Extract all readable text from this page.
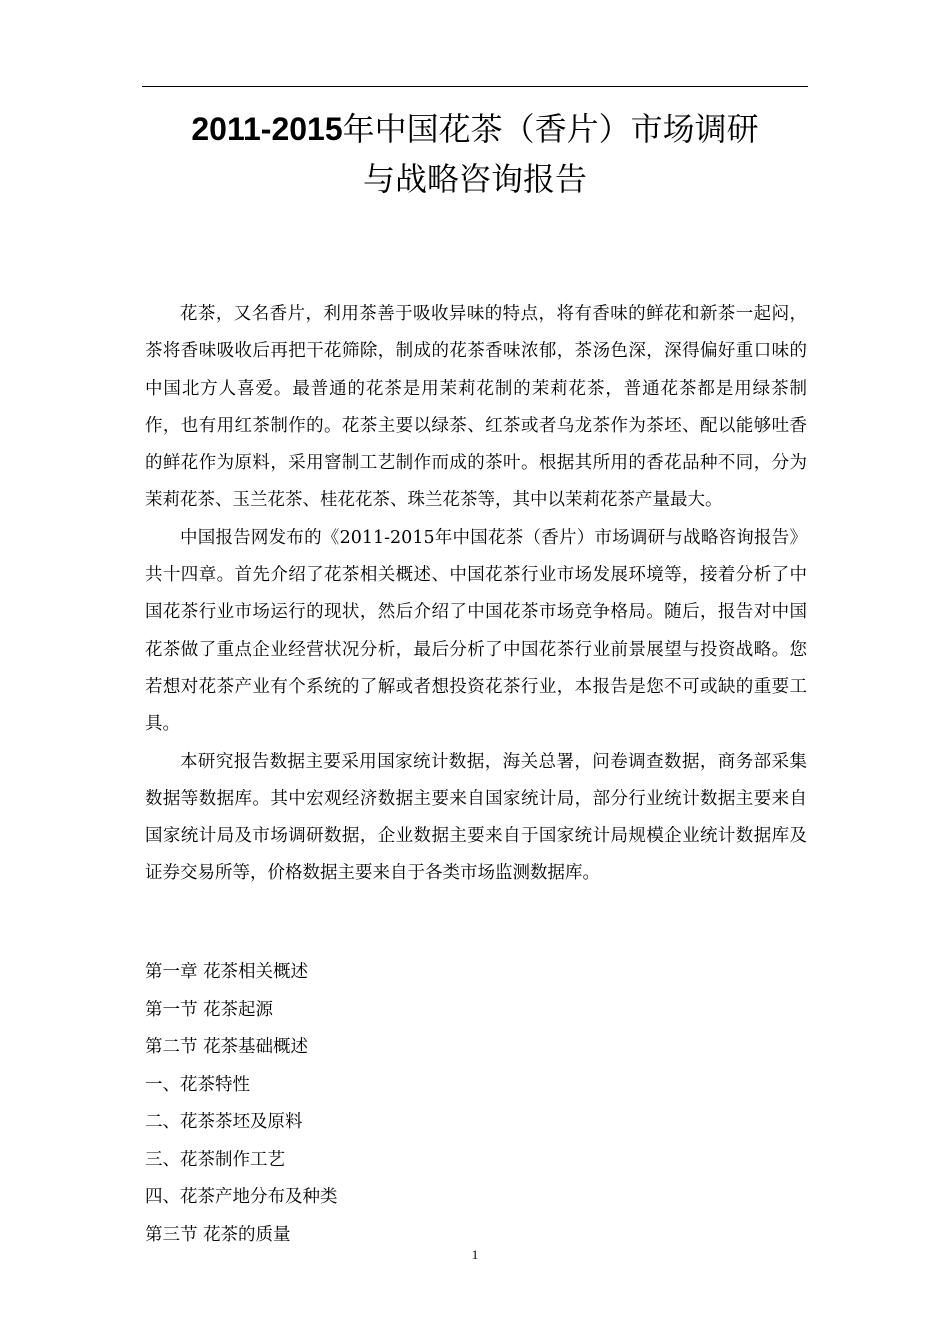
2011-2015年中国花茶（香片）市场调研
与战略咨询报告

花茶，又名香片，利用茶善于吸收异味的特点，将有香味的鲜花和新茶一起闷，茶将香味吸收后再把干花筛除，制成的花茶香味浓郁，茶汤色深，深得偏好重口味的中国北方人喜爱。最普通的花茶是用茉莉花制的茉莉花茶，普通花茶都是用绿茶制作，也有用红茶制作的。花茶主要以绿茶、红茶或者乌龙茶作为茶坯、配以能够吐香的鲜花作为原料，采用窨制工艺制作而成的茶叶。根据其所用的香花品种不同，分为茉莉花茶、玉兰花茶、桂花花茶、珠兰花茶等，其中以茉莉花茶产量最大。

中国报告网发布的《2011-2015年中国花茶（香片）市场调研与战略咨询报告》共十四章。首先介绍了花茶相关概述、中国花茶行业市场发展环境等，接着分析了中国花茶行业市场运行的现状，然后介绍了中国花茶市场竞争格局。随后，报告对中国花茶做了重点企业经营状况分析，最后分析了中国花茶行业前景展望与投资战略。您若想对花茶产业有个系统的了解或者想投资花茶行业，本报告是您不可或缺的重要工具。

本研究报告数据主要采用国家统计数据，海关总署，问卷调查数据，商务部采集数据等数据库。其中宏观经济数据主要来自国家统计局，部分行业统计数据主要来自国家统计局及市场调研数据，企业数据主要来自于国家统计局规模企业统计数据库及证券交易所等，价格数据主要来自于各类市场监测数据库。

第一章 花茶相关概述
第一节 花茶起源
第二节 花茶基础概述
一、花茶特性
二、花茶茶坯及原料
三、花茶制作工艺
四、花茶产地分布及种类
第三节 花茶的质量
1
